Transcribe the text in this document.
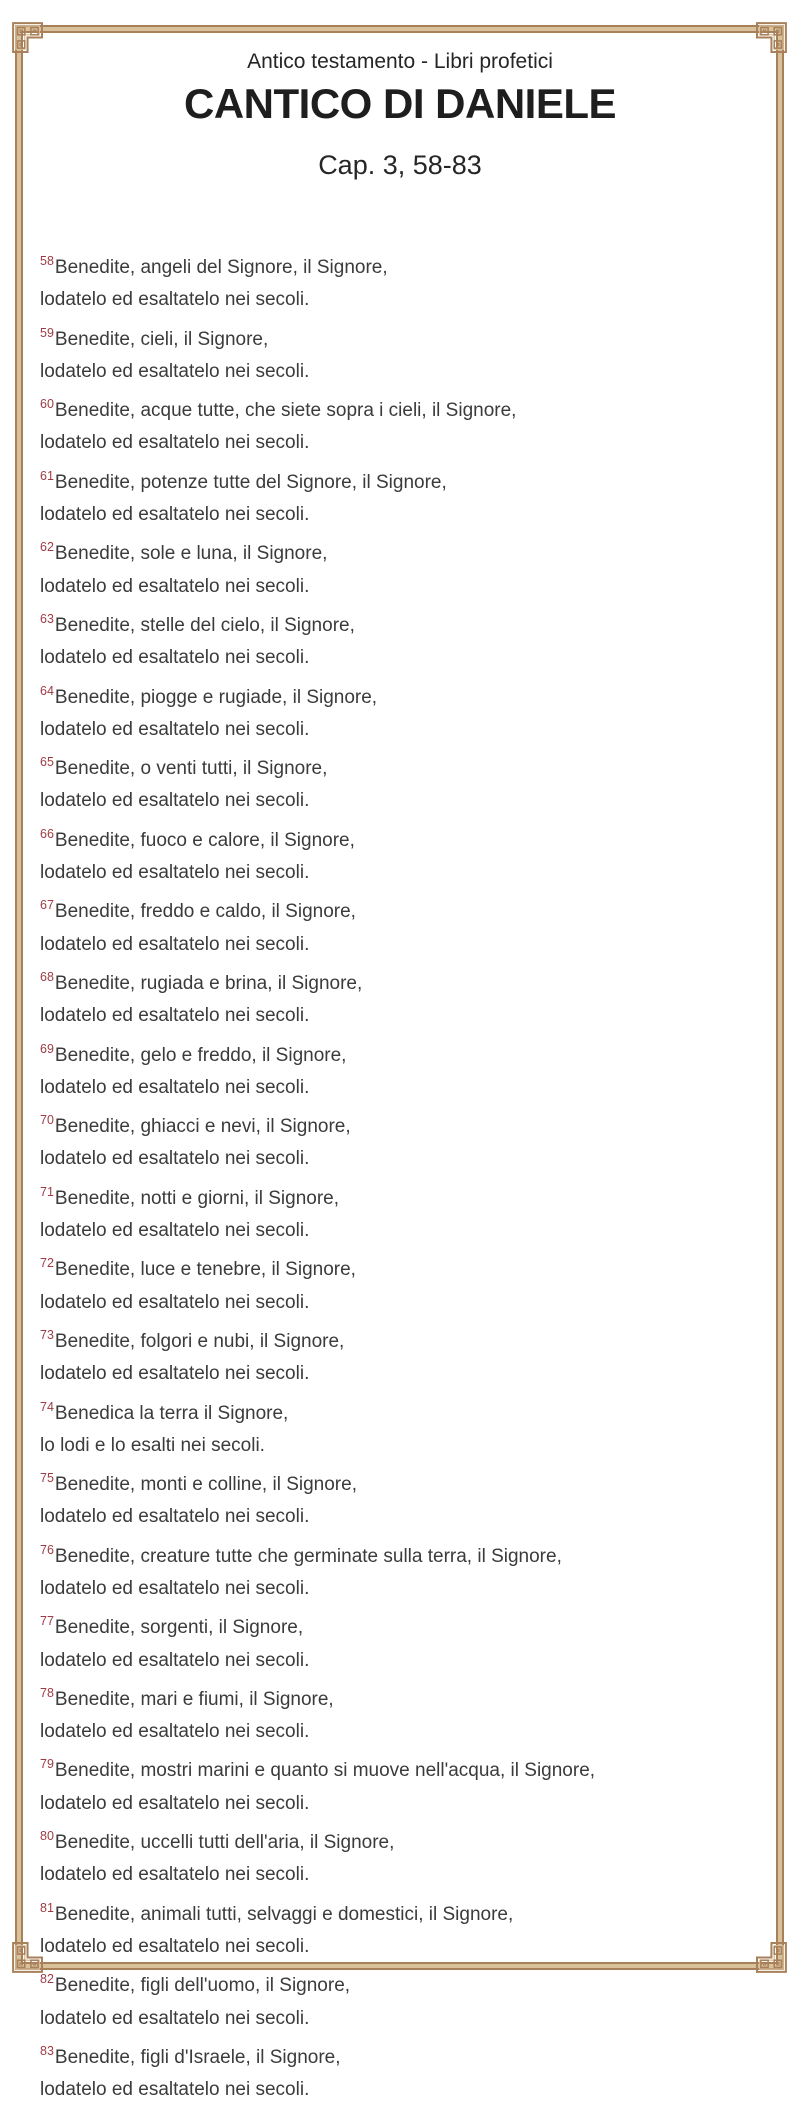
Antico testamento - Libri profetici
CANTICO DI DANIELE
Cap. 3, 58-83
$^{58}$Benedite, angeli del Signore, il Signore,
lodatelo ed esaltatelo nei secoli.
$^{59}$Benedite, cieli, il Signore,
lodatelo ed esaltatelo nei secoli.
$^{60}$Benedite, acque tutte, che siete sopra i cieli, il Signore,
lodatelo ed esaltatelo nei secoli.
$^{61}$Benedite, potenze tutte del Signore, il Signore,
lodatelo ed esaltatelo nei secoli.
$^{62}$Benedite, sole e luna, il Signore,
lodatelo ed esaltatelo nei secoli.
$^{63}$Benedite, stelle del cielo, il Signore,
lodatelo ed esaltatelo nei secoli.
$^{64}$Benedite, piogge e rugiade, il Signore,
lodatelo ed esaltatelo nei secoli.
$^{65}$Benedite, o venti tutti, il Signore,
lodatelo ed esaltatelo nei secoli.
$^{66}$Benedite, fuoco e calore, il Signore,
lodatelo ed esaltatelo nei secoli.
$^{67}$Benedite, freddo e caldo, il Signore,
lodatelo ed esaltatelo nei secoli.
$^{68}$Benedite, rugiada e brina, il Signore,
lodatelo ed esaltatelo nei secoli.
$^{69}$Benedite, gelo e freddo, il Signore,
lodatelo ed esaltatelo nei secoli.
$^{70}$Benedite, ghiacci e nevi, il Signore,
lodatelo ed esaltatelo nei secoli.
$^{71}$Benedite, notti e giorni, il Signore,
lodatelo ed esaltatelo nei secoli.
$^{72}$Benedite, luce e tenebre, il Signore,
lodatelo ed esaltatelo nei secoli.
$^{73}$Benedite, folgori e nubi, il Signore,
lodatelo ed esaltatelo nei secoli.
$^{74}$Benedica la terra il Signore,
lo lodi e lo esalti nei secoli.
$^{75}$Benedite, monti e colline, il Signore,
lodatelo ed esaltatelo nei secoli.
$^{76}$Benedite, creature tutte che germinate sulla terra, il Signore,
lodatelo ed esaltatelo nei secoli.
$^{77}$Benedite, sorgenti, il Signore,
lodatelo ed esaltatelo nei secoli.
$^{78}$Benedite, mari e fiumi, il Signore,
lodatelo ed esaltatelo nei secoli.
$^{79}$Benedite, mostri marini e quanto si muove nell'acqua, il Signore,
lodatelo ed esaltatelo nei secoli.
$^{80}$Benedite, uccelli tutti dell'aria, il Signore,
lodatelo ed esaltatelo nei secoli.
$^{81}$Benedite, animali tutti, selvaggi e domestici, il Signore,
lodatelo ed esaltatelo nei secoli.
$^{82}$Benedite, figli dell'uomo, il Signore,
lodatelo ed esaltatelo nei secoli.
$^{83}$Benedite, figli d'Israele, il Signore,
lodatelo ed esaltatelo nei secoli.
